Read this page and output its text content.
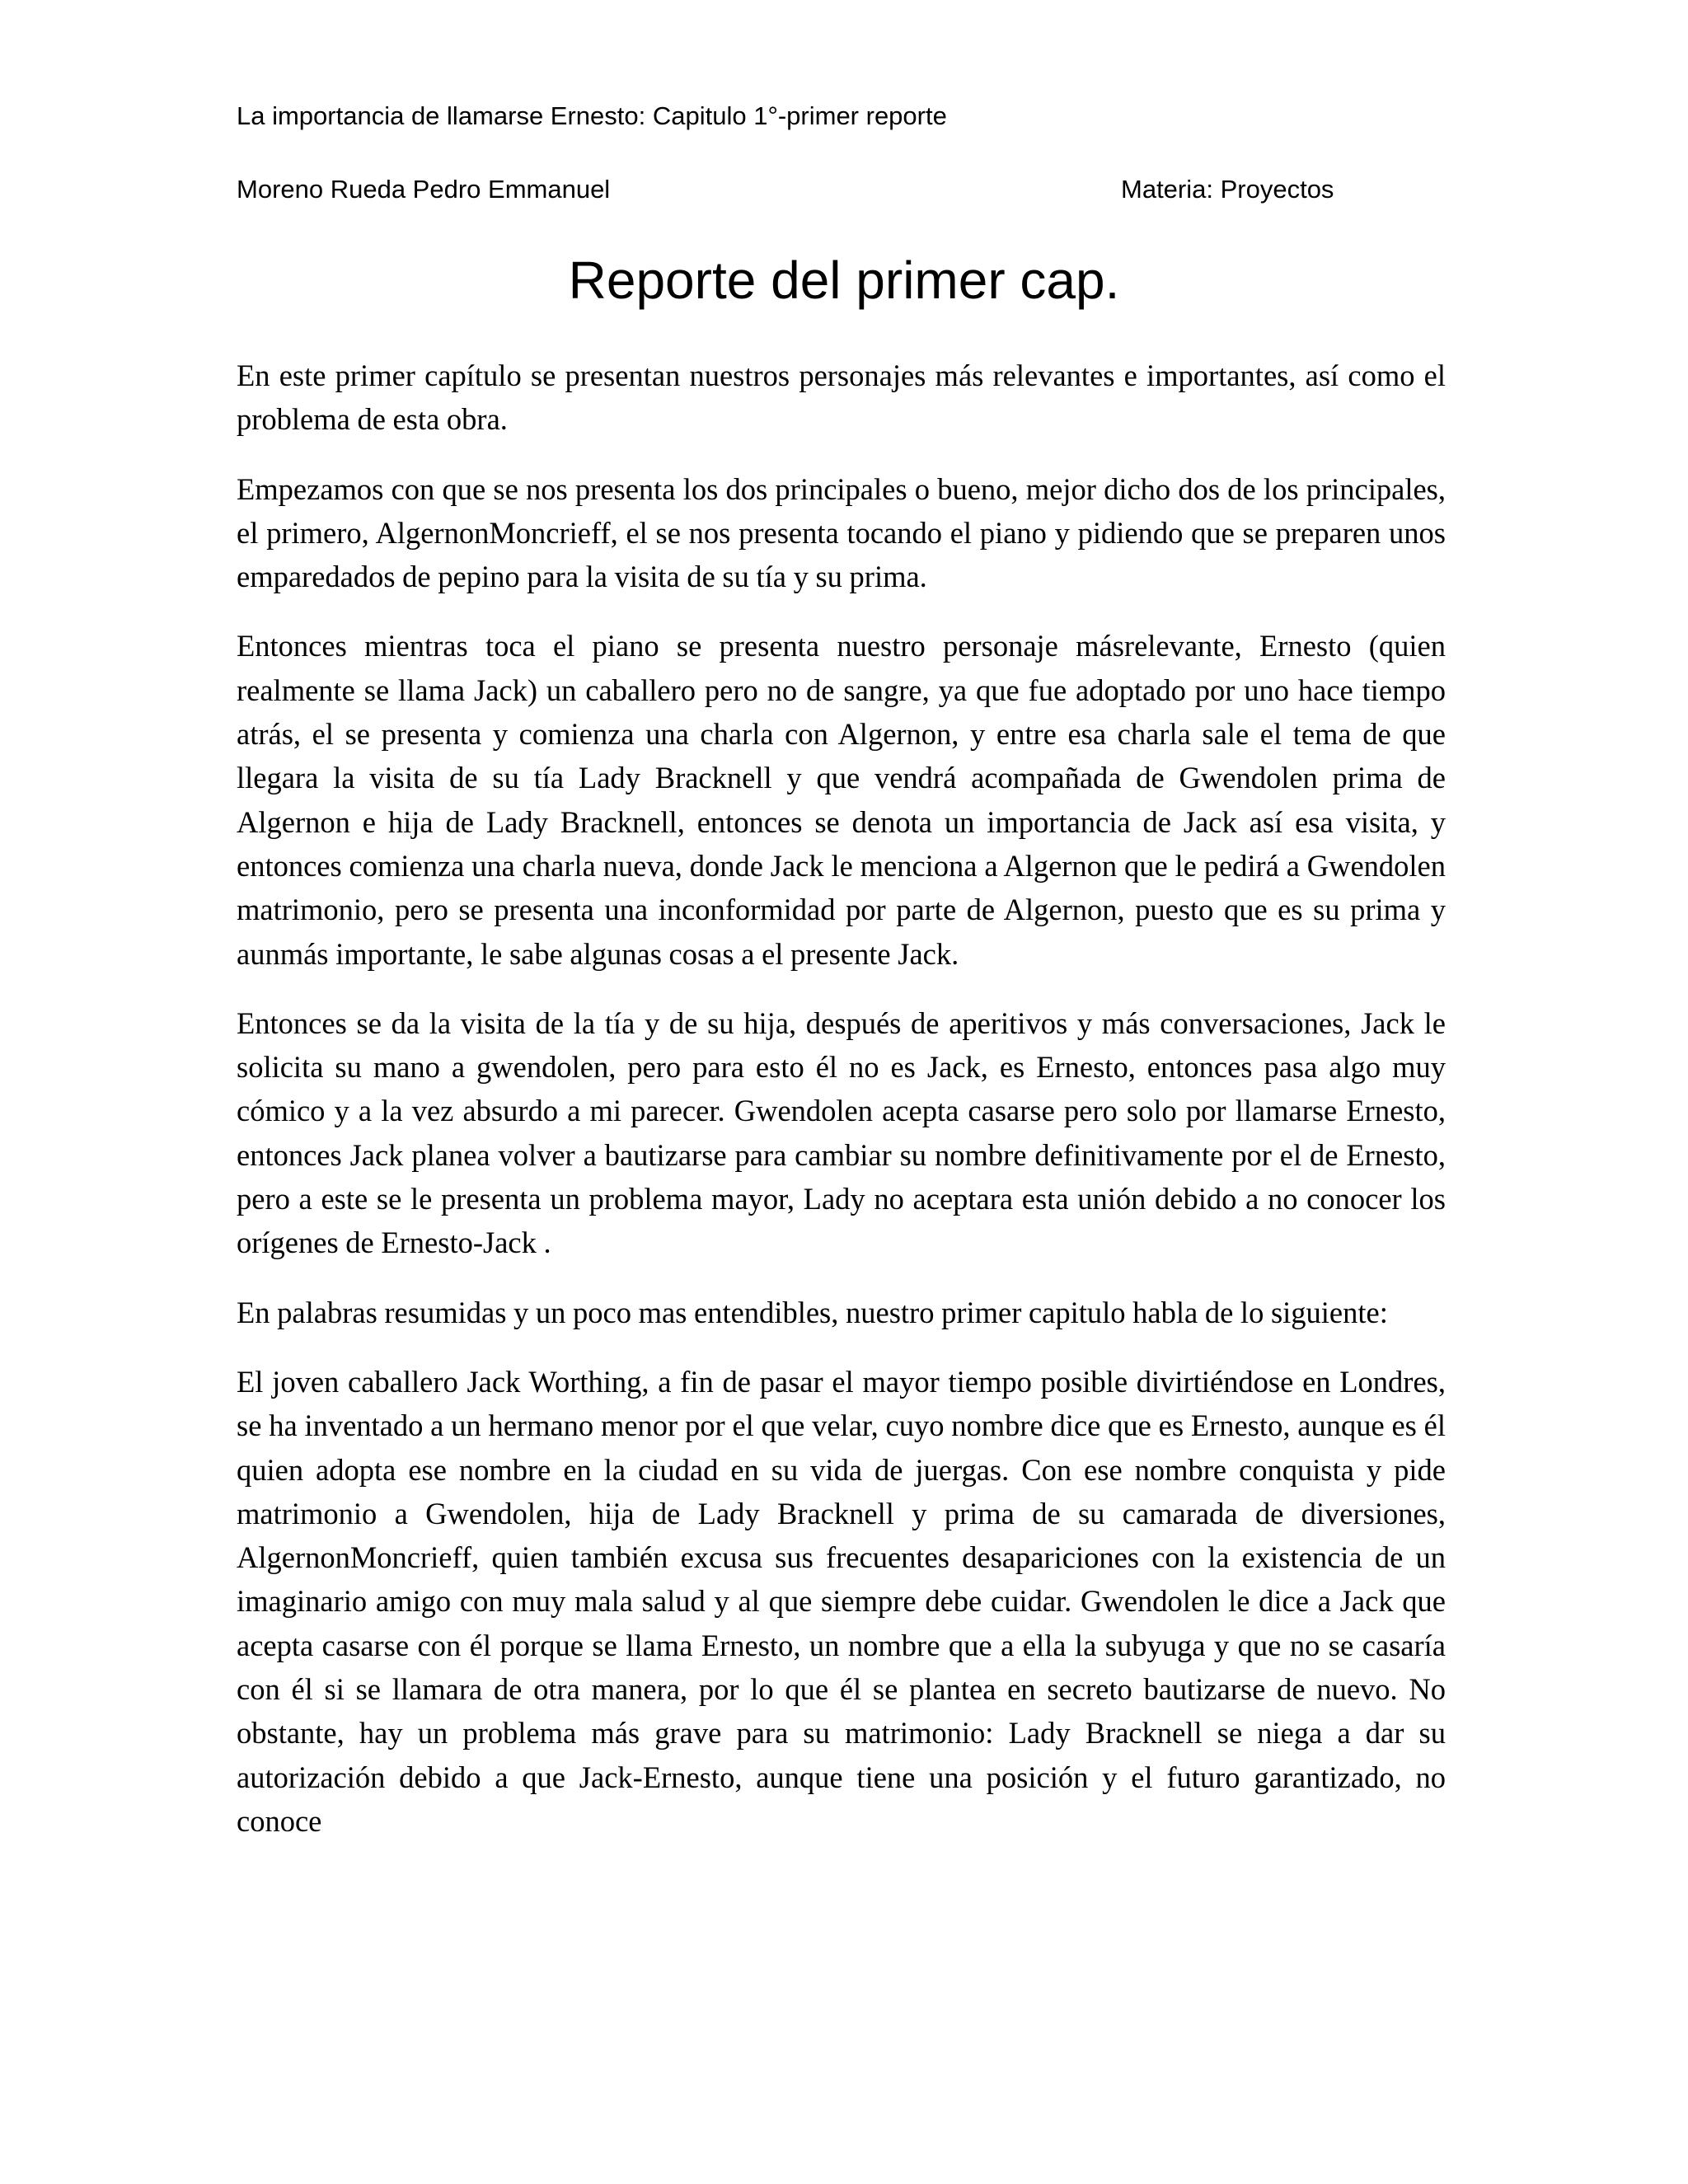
La importancia de llamarse Ernesto: Capitulo 1°-primer reporte
Moreno Rueda Pedro Emmanuel	Materia: Proyectos
Reporte del primer cap.

En este primer capítulo se presentan nuestros personajes más relevantes e importantes, así como el problema de esta obra.

Empezamos con que se nos presenta los dos principales o bueno, mejor dicho dos de los principales, el primero, AlgernonMoncrieff, el se nos presenta tocando el piano y pidiendo que se preparen unos emparedados de pepino para la visita de su tía y su prima.

Entonces mientras toca el piano se presenta nuestro personaje másrelevante, Ernesto (quien realmente se llama Jack) un caballero pero no de sangre, ya que fue adoptado por uno hace tiempo atrás, el se presenta y comienza una charla con Algernon, y entre esa charla sale el tema de que llegara la visita de su tía Lady Bracknell y que vendrá acompañada de Gwendolen prima de Algernon e hija de Lady Bracknell, entonces se denota un importancia de Jack así esa visita, y entonces comienza una charla nueva, donde Jack le menciona a Algernon que le pedirá a Gwendolen matrimonio, pero se presenta una inconformidad por parte de Algernon, puesto que es su prima y aunmás importante, le sabe algunas cosas a el presente Jack.

Entonces se da la visita de la tía y de su hija, después de aperitivos y más conversaciones, Jack le solicita su mano a gwendolen, pero para esto él no es Jack, es Ernesto, entonces pasa algo muy cómico y a la vez absurdo a mi parecer. Gwendolen acepta casarse pero solo por llamarse Ernesto, entonces Jack planea volver a bautizarse para cambiar su nombre definitivamente por el de Ernesto, pero a este se le presenta un problema mayor, Lady no aceptara esta unión debido a no conocer los orígenes de Ernesto-Jack .

En palabras resumidas y un poco mas entendibles, nuestro primer capitulo habla de lo siguiente:

El joven caballero Jack Worthing, a fin de pasar el mayor tiempo posible divirtiéndose en Londres, se ha inventado a un hermano menor por el que velar, cuyo nombre dice que es Ernesto, aunque es él quien adopta ese nombre en la ciudad en su vida de juergas. Con ese nombre conquista y pide matrimonio a Gwendolen, hija de Lady Bracknell y prima de su camarada de diversiones, AlgernonMoncrieff, quien también excusa sus frecuentes desapariciones con la existencia de un imaginario amigo con muy mala salud y al que siempre debe cuidar. Gwendolen le dice a Jack que acepta casarse con él porque se llama Ernesto, un nombre que a ella la subyuga y que no se casaría con él si se llamara de otra manera, por lo que él se plantea en secreto bautizarse de nuevo. No obstante, hay un problema más grave para su matrimonio: Lady Bracknell se niega a dar su autorización debido a que Jack-Ernesto, aunque tiene una posición y el futuro garantizado, no conoce
